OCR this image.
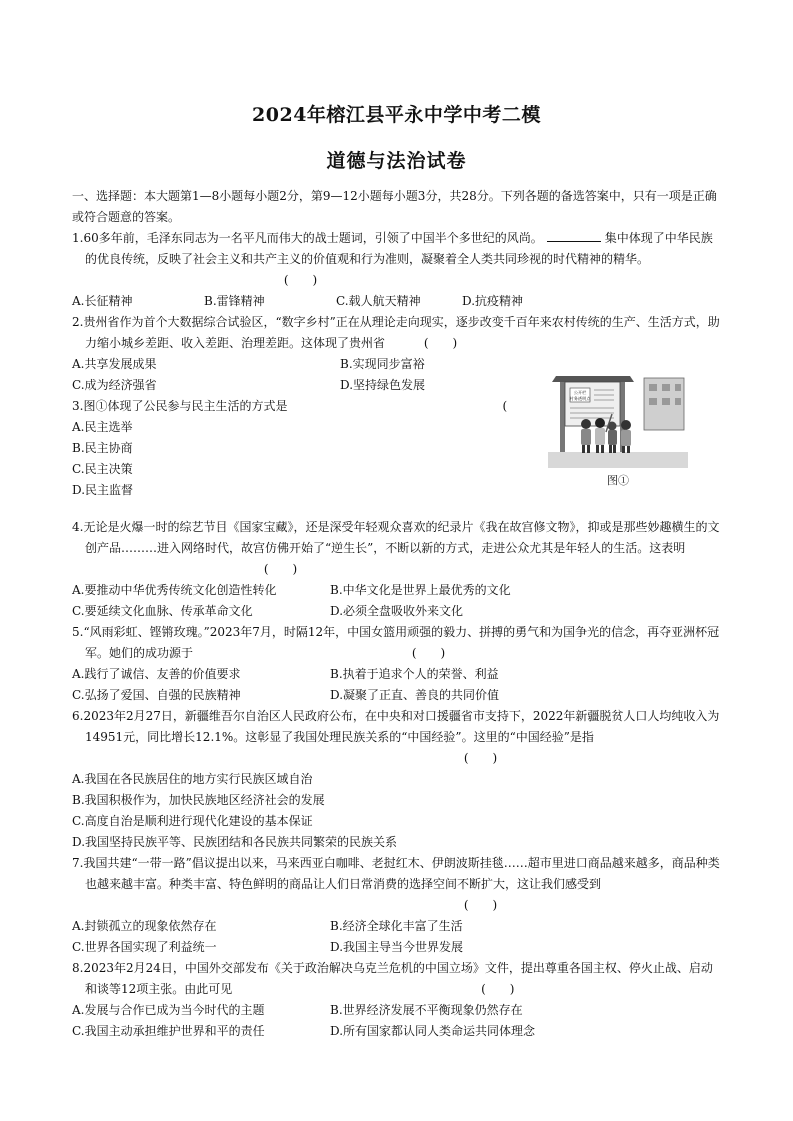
2024年榕江县平永中学中考二模
道德与法治试卷

一、选择题：本大题第1—8小题每小题2分，第9—12小题每小题3分，共28分。下列各题的备选答案中，只有一项是正确或符合题意的答案。

1.60多年前，毛泽东同志为一名平凡而伟大的战士题词，引领了中国半个多世纪的风尚。	集中体现了中华民族的优良传统，反映了社会主义和共产主义的价值观和行为准则，凝聚着全人类共同珍视的时代精神的精华。(　　)

A.长征精神	B.雷锋精神	C.载人航天精神	D.抗疫精神

2.贵州省作为首个大数据综合试验区，“数字乡村”正在从理论走向现实，逐步改变千百年来农村传统的生产、生活方式，助力缩小城乡差距、收入差距、治理差距。这体现了贵州省	(　　)

A.共享发展成果	B.实现同步富裕
C.成为经济强省	D.坚持绿色发展

3.图①体现了公民参与民主生活的方式是	(

A.民主选举

B.民主协商

C.民主决策

D.民主监督

公开栏
村务透明点
图①

4.无论是火爆一时的综艺节目《国家宝藏》，还是深受年轻观众喜欢的纪录片《我在故宫修文物》，抑或是那些妙趣横生的文创产品………进入网络时代，故宫仿佛开始了“逆生长”，不断以新的方式，走进公众尤其是年轻人的生活。这表明(　　)

A.要推动中华优秀传统文化创造性转化	B.中华文化是世界上最优秀的文化
C.要延续文化血脉、传承革命文化	D.必须全盘吸收外来文化

5.“风雨彩虹、铿锵玫瑰。”2023年7月，时隔12年，中国女篮用顽强的毅力、拼搏的勇气和为国争光的信念，再夺亚洲杯冠军。她们的成功源于	(　　)

A.践行了诚信、友善的价值要求	B.执着于追求个人的荣誉、利益
C.弘扬了爱国、自强的民族精神	D.凝聚了正直、善良的共同价值

6.2023年2月27日，新疆维吾尔自治区人民政府公布，在中央和对口援疆省市支持下，2022年新疆脱贫人口人均纯收入为14951元，同比增长12.1%。这彰显了我国处理民族关系的“中国经验”。这里的“中国经验”是指(　　)

A.我国在各民族居住的地方实行民族区域自治

B.我国积极作为，加快民族地区经济社会的发展

C.高度自治是顺利进行现代化建设的基本保证

D.我国坚持民族平等、民族团结和各民族共同繁荣的民族关系

7.我国共建“一带一路”倡议提出以来，马来西亚白咖啡、老挝红木、伊朗波斯挂毯……超市里进口商品越来越多，商品种类也越来越丰富。种类丰富、特色鲜明的商品让人们日常消费的选择空间不断扩大，这让我们感受到(　　)

A.封锁孤立的现象依然存在	B.经济全球化丰富了生活
C.世界各国实现了利益统一	D.我国主导当今世界发展

8.2023年2月24日，中国外交部发布《关于政治解决乌克兰危机的中国立场》文件，提出尊重各国主权、停火止战、启动和谈等12项主张。由此可见	(　　)

A.发展与合作已成为当今时代的主题	B.世界经济发展不平衡现象仍然存在
C.我国主动承担维护世界和平的责任	D.所有国家都认同人类命运共同体理念
